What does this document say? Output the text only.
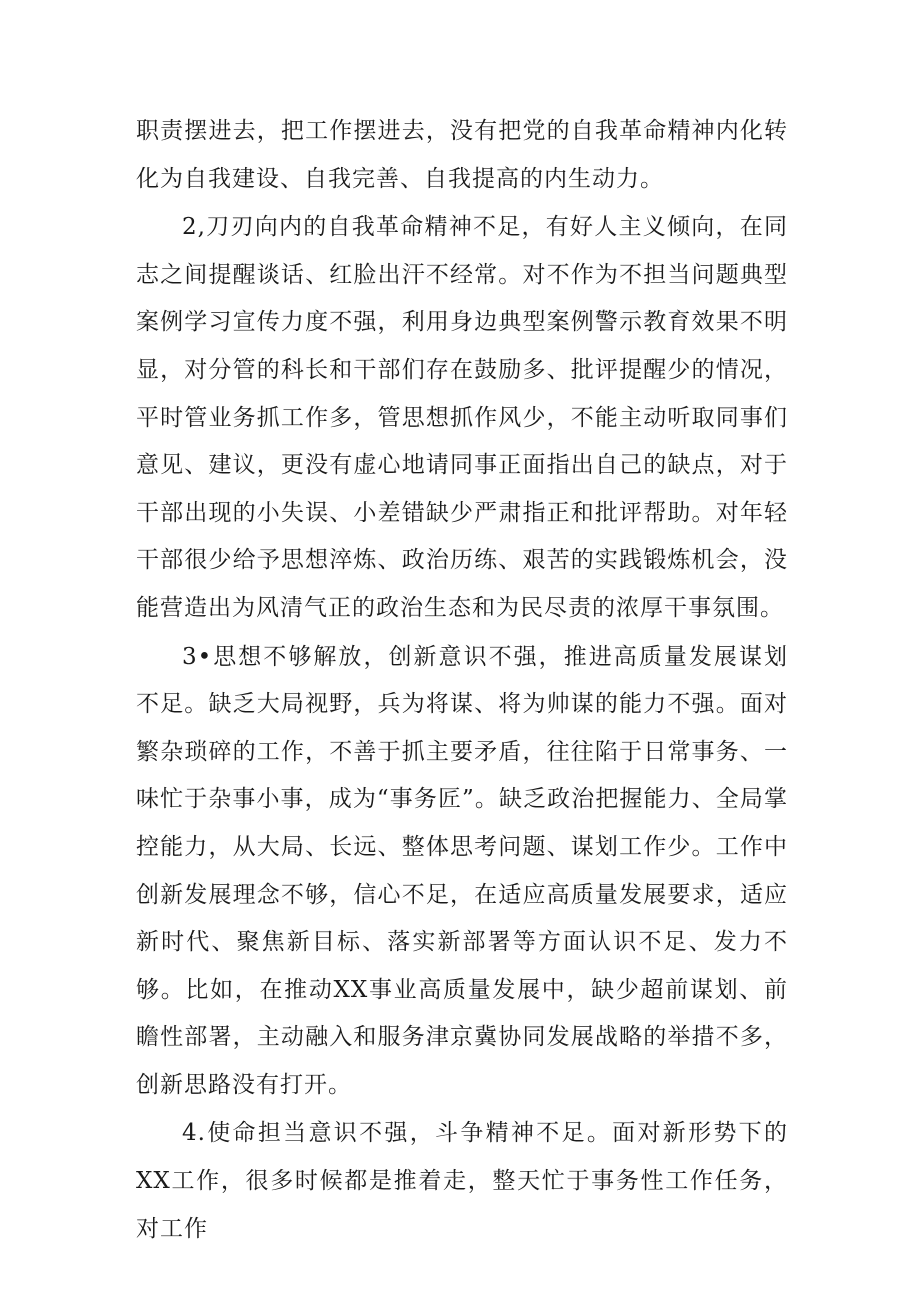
职责摆进去，把工作摆进去，没有把党的自我革命精神内化转化为自我建设、自我完善、自我提高的内生动力。

2,刀刃向内的自我革命精神不足，有好人主义倾向，在同志之间提醒谈话、红脸出汗不经常。对不作为不担当问题典型案例学习宣传力度不强，利用身边典型案例警示教育效果不明显，对分管的科长和干部们存在鼓励多、批评提醒少的情况，平时管业务抓工作多，管思想抓作风少，不能主动听取同事们意见、建议，更没有虚心地请同事正面指出自己的缺点，对于干部出现的小失误、小差错缺少严肃指正和批评帮助。对年轻干部很少给予思想淬炼、政治历练、艰苦的实践锻炼机会，没能营造出为风清气正的政治生态和为民尽责的浓厚干事氛围。

3•思想不够解放，创新意识不强，推进高质量发展谋划不足。缺乏大局视野，兵为将谋、将为帅谋的能力不强。面对繁杂琐碎的工作，不善于抓主要矛盾，往往陷于日常事务、一味忙于杂事小事，成为“事务匠”。缺乏政治把握能力、全局掌控能力，从大局、长远、整体思考问题、谋划工作少。工作中创新发展理念不够，信心不足，在适应高质量发展要求，适应新时代、聚焦新目标、落实新部署等方面认识不足、发力不够。比如，在推动XX事业高质量发展中，缺少超前谋划、前瞻性部署，主动融入和服务津京冀协同发展战略的举措不多，创新思路没有打开。

4.使命担当意识不强，斗争精神不足。面对新形势下的XX工作，很多时候都是推着走，整天忙于事务性工作任务，对工作
